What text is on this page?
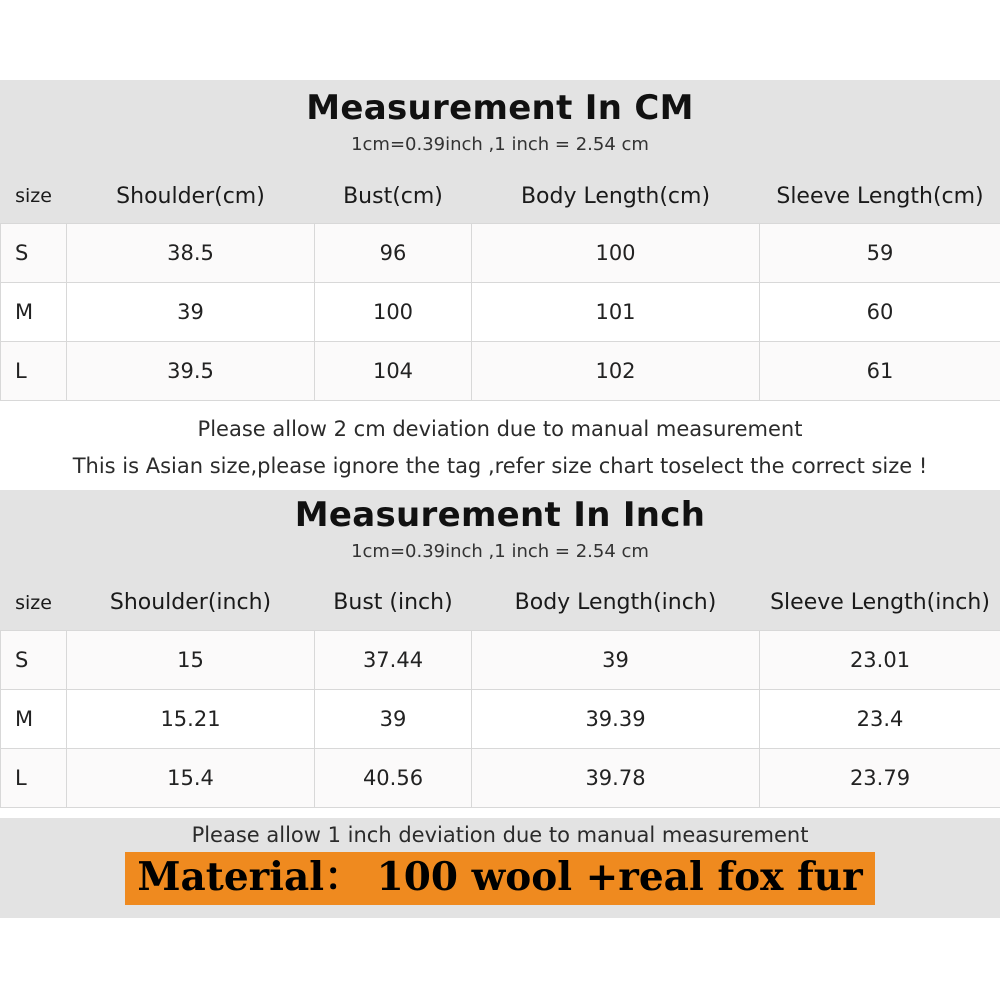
Measurement In CM
1cm=0.39inch ,1 inch = 2.54 cm
size	Shoulder(cm)	Bust(cm)	Body Length(cm)	Sleeve Length(cm)
S	38.5	96	100	59
M	39	100	101	60
L	39.5	104	102	61
Please allow 2 cm deviation due to manual measurement
This is Asian size,please ignore the tag ,refer size chart toselect the correct size !
Measurement In Inch
1cm=0.39inch ,1 inch = 2.54 cm
size	Shoulder(inch)	Bust (inch)	Body Length(inch)	Sleeve Length(inch)
S	15	37.44	39	23.01
M	15.21	39	39.39	23.4
L	15.4	40.56	39.78	23.79
Please allow 1 inch deviation due to manual measurement
Material： 100 wool +real fox fur
